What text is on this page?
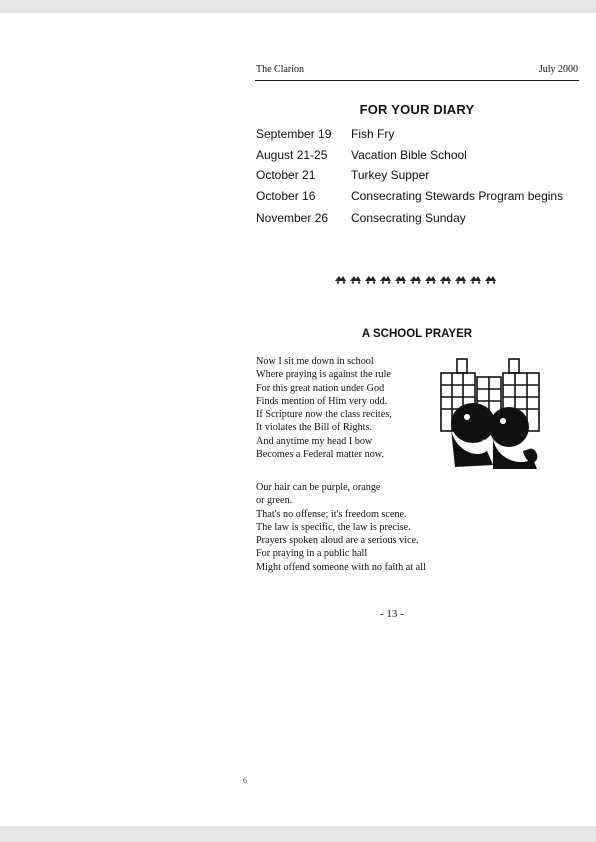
The Clarion	July 2000
FOR YOUR DIARY
September 19 Fish Fry
August 21-25 Vacation Bible School
October 21	Turkey Supper
October 16	Consecrating Stewards Program begins
November 26 Consecrating Sunday
A SCHOOL PRAYER
Now I sit me down in school
Where praying is against the rule
For this great nation under God
Finds mention of Him very odd.
If Scripture now the class recites,
It violates the Bill of Rights.
And anytime my head I bow
Becomes a Federal matter now.
Our hair can be purple, orange
or green.
That's no offense; it's freedom scene.
The law is specific, the law is precise.
Prayers spoken aloud are a serious vice.
For praying in a public hall
Might offend someone with no faith at all
- 13 -
6
